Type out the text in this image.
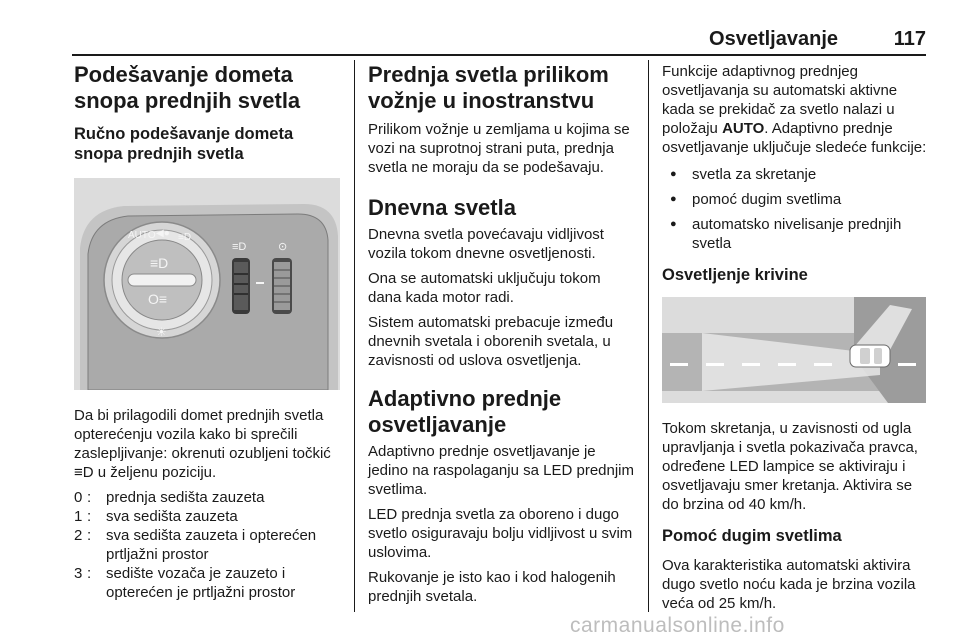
Osvetljavanje	117
Podešavanje dometa snopa prednjih svetla
Ručno podešavanje dometa snopa prednjih svetla
AUTO ◀● ≡D
≡D
O≡
☀
≡D	⊙

Da bi prilagodili domet prednjih svetla opterećenju vozila kako bi sprečili zaslepljivanje: okrenuti ozubljeni točkić ≡D u željenu poziciju.

0 : prednja sedišta zauzeta
1 : sva sedišta zauzeta
2 : sva sedišta zauzeta i opterećen prtljažni prostor
3 : sedište vozača je zauzeto i opterećen je prtljažni prostor
Prednja svetla prilikom vožnje u inostranstvu

Prilikom vožnje u zemljama u kojima se vozi na suprotnoj strani puta, prednja svetla ne moraju da se podešavaju.

Dnevna svetla

Dnevna svetla povećavaju vidljivost vozila tokom dnevne osvetljenosti.

Ona se automatski uključuju tokom dana kada motor radi.

Sistem automatski prebacuje između dnevnih svetala i oborenih svetala, u zavisnosti od uslova osvetljenja.

Adaptivno prednje osvetljavanje

Adaptivno prednje osvetljavanje je jedino na raspolaganju sa LED prednjim svetlima.

LED prednja svetla za oboreno i dugo svetlo osiguravaju bolju vidljivost u svim uslovima.

Rukovanje je isto kao i kod halogenih prednjih svetala.

Funkcije adaptivnog prednjeg osvetljavanja su automatski aktivne kada se prekidač za svetlo nalazi u položaju AUTO. Adaptivno prednje osvetljavanje uključuje sledeće funkcije:

● svetla za skretanje
● pomoć dugim svetlima
● automatsko nivelisanje prednjih svetla
Osvetljenje krivine

Tokom skretanja, u zavisnosti od ugla upravljanja i svetla pokazivača pravca, određene LED lampice se aktiviraju i osvetljavaju smer kretanja. Aktivira se do brzina od 40 km/h.

Pomoć dugim svetlima

Ova karakteristika automatski aktivira dugo svetlo noću kada je brzina vozila veća od 25 km/h.

carmanualsonline.info
